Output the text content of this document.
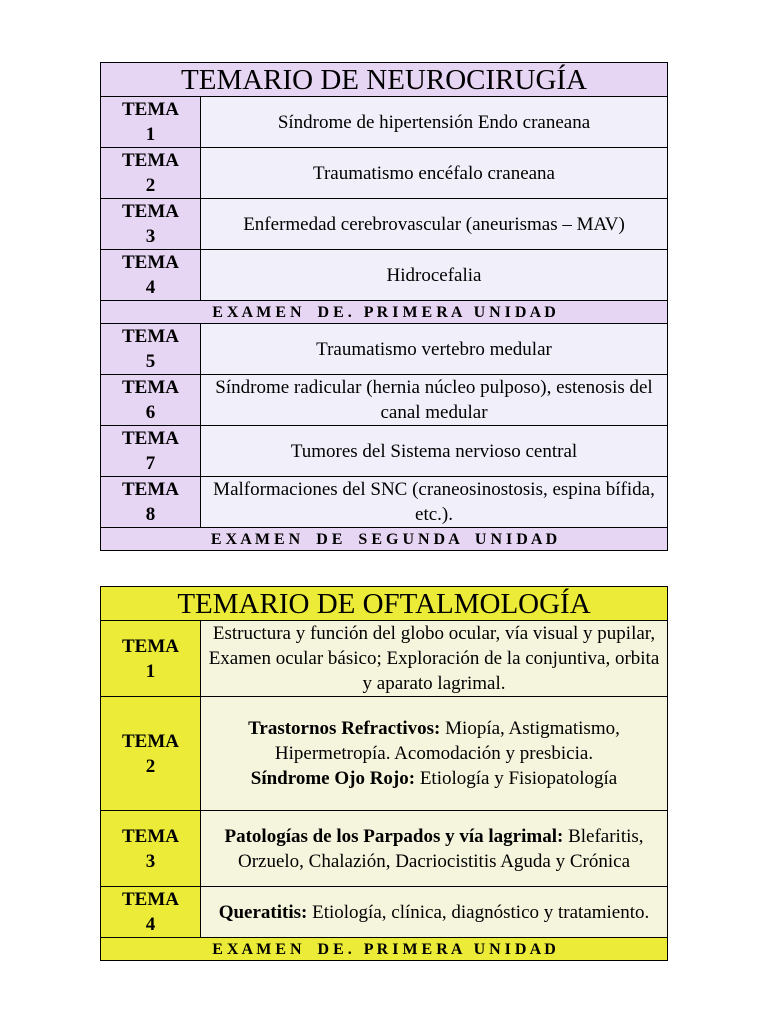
TEMARIO DE NEUROCIRUGÍA	
TEMA
1	Síndrome de hipertensión Endo craneana
TEMA
2	Traumatismo encéfalo craneana
TEMA
3	Enfermedad cerebrovascular (aneurismas – MAV)
TEMA
4	Hidrocefalia
E X A M E N    D E .   P R I M E R A   U N I D A D	
TEMA
5	Traumatismo vertebro medular
TEMA
6	Síndrome radicular (hernia núcleo pulposo), estenosis del canal medular
TEMA
7	Tumores del Sistema nervioso central
TEMA
8	Malformaciones del SNC (craneosinostosis, espina bífida, etc.).
E X A M E N    D E    S E G U N D A    U N I D A D	
TEMARIO DE OFTALMOLOGÍA	
TEMA
1	Estructura y función del globo ocular, vía visual y pupilar, Examen ocular básico; Exploración de la conjuntiva, orbita y aparato lagrimal.
TEMA
2	Trastornos Refractivos: Miopía, Astigmatismo, Hipermetropía. Acomodación y presbicia.
Síndrome Ojo Rojo: Etiología y Fisiopatología
TEMA
3	Patologías de los Parpados y vía lagrimal: Blefaritis, Orzuelo, Chalazión, Dacriocistitis Aguda y Crónica
TEMA
4	Queratitis: Etiología, clínica, diagnóstico y tratamiento.
E X A M E N    D E .   P R I M E R A   U N I D A D	
